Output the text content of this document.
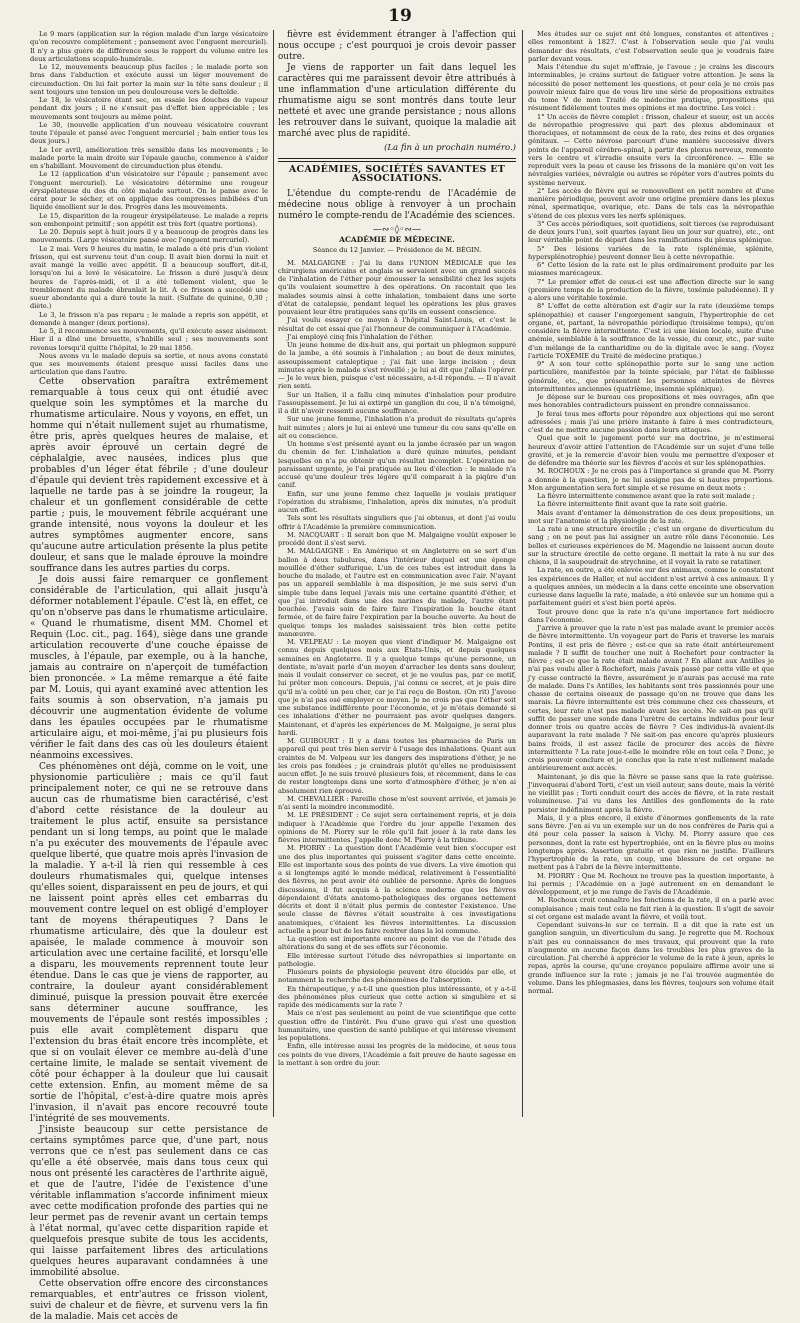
19

Le 9 mars (application sur la région malade d'un large vésicatoire qu'on recouvre complètement ; pansement avec l'onguent mercuriel). Il n'y a plus guère de différence sous le rapport du volume entre les deux articulations scapulo-humérale.

Le 12, mouvements beaucoup plus faciles ; le malade porte son bras dans l'abduction et exécute aussi un léger mouvement de circumduction. On lui fait porter la main sur la tête sans douleur ; il sent toujours une tension un peu douloureuse vers le deltoïde.

Le 18, le vésicatoire étant sec, on essaie les douches de vapeur pendant dix jours ; il ne s'ensuit pas d'effet bien appréciable ; les mouvements sont toujours au même point.

Le 30, (nouvelle application d'un nouveau vésicatoire couvrant toute l'épaule et pansé avec l'onguent mercuriel ; bain entier tous les deux jours.)

Le 1er avril, amélioration très sensible dans les mouvements ; le malade porte la main droite sur l'épaule gauche, commence à s'aider en s'habillant. Mouvement de circumduction plus étendu.

Le 12 (application d'un vésicatoire sur l'épaule ; pansement avec l'onguent mercuriel). Le vésicatoire détermine une rougeur érysipélateuse du dos du côté malade surtout. On le panse avec le cérat pour le sécher, et on applique des compresses imbibées d'un liquide émollient sur le dos. Progrès dans les mouvements.

Le 15, disparition de la rougeur érysipélateuse. Le malade a repris son embonpoint primitif ; son appétit est très fort (quatre portions).

Le 20. Depuis sept à huit jours il y a beaucoup de progrès dans les mouvements. (Large vésicatoire pansé avec l'onguent mercuriel).

Le 2 mai. Vers 9 heures du matin, le malade a été pris d'un violent frisson, qui est survenu tout d'un coup. Il avait bien dormi la nuit et avait mangé la veille avec appétit. Il a beaucoup souffert, dit-il, lorsqu'on lui a levé le vésicatoire. Le frisson a duré jusqu'à deux heures de l'après-midi, et il a été tellement violent, que le tremblement du malade ébranlait le lit. A ce frisson a succédé une sueur abondante qui a duré toute la nuit. (Sulfate de quinine, 0,30 ; diète.)

Le 3, le frisson n'a pas reparu ; le malade a repris son appétit, et demande à manger (deux portions).

Le 5, il recommence ses mouvements, qu'il exécute assez aisément. Hier il a dîné une brouette, s'habille seul ; ses mouvements sont revenus lorsqu'il quitte l'hôpital, le 29 mai 1856.

Nous avons vu le malade depuis sa sortie, et nous avons constaté que ses mouvements étaient presque aussi faciles dans une articulation que dans l'autre.

Cette observation paraîtra extrêmement remarquable à tous ceux qui ont étudié avec quelque soin les symptômes et la marche du rhumatisme articulaire. Nous y voyons, en effet, un homme qui n'était nullement sujet au rhumatisme, être pris, après quelques heures de malaise, et après avoir éprouvé un certain degré de céphalalgie, avec nausées, indices plus que probables d'un léger état fébrile ; d'une douleur d'épaule qui devient très rapidement excessive et à laquelle ne tarde pas à se joindre la rougeur, la chaleur et un gonflement considérable de cette partie ; puis, le mouvement fébrile acquérant une grande intensité, nous voyons la douleur et les autres symptômes augmenter encore, sans qu'aucune autre articulation présente la plus petite douleur, et sans que le malade éprouve la moindre souffrance dans les autres parties du corps.

Je dois aussi faire remarquer ce gonflement considérable de l'articulation, qui allait jusqu'à déformer notablement l'épaule. C'est là, en effet, ce qu'on n'observe pas dans le rhumatisme articulaire. « Quand le rhumatisme, disent MM. Chomel et Requin (Loc. cit., pag. 164), siège dans une grande articulation recouverte d'une couche épaisse de muscles, à l'épaule, par exemple, ou à la hanche, jamais au contraire on n'aperçoit de tuméfaction bien prononcée. » La même remarque a été faite par M. Louis, qui ayant examiné avec attention les faits soumis à son observation, n'a jamais pu découvrir une augmentation évidente de volume dans les épaules occupées par le rhumatisme articulaire aigu, et moi-même, j'ai pu plusieurs fois vérifier le fait dans des cas où les douleurs étaient néanmoins excessives.

Ces phénomènes ont déjà, comme on le voit, une physionomie particulière ; mais ce qu'il faut principalement noter, ce qui ne se retrouve dans aucun cas de rhumatisme bien caractérisé, c'est d'abord cette résistance de la douleur au traitement le plus actif, ensuite sa persistance pendant un si long temps, au point que le malade n'a pu exécuter des mouvements de l'épaule avec quelque liberté, que quatre mois après l'invasion de la maladie. Y a-t-il là rien qui ressemble à ces douleurs rhumatismales qui, quelque intenses qu'elles soient, disparaissent en peu de jours, et qui ne laissent point après elles cet embarras du mouvement contre lequel on est obligé d'employer tant de moyens thérapeutiques ? Dans le rhumatisme articulaire, dès que la douleur est apaisée, le malade commence à mouvoir son articulation avec une certaine facilité, et lorsqu'elle a disparu, les mouvements reprennent toute leur étendue. Dans le cas que je viens de rapporter, au contraire, la douleur ayant considérablement diminué, puisque la pression pouvait être exercée sans déterminer aucune souffrance, les mouvements de l'épaule sont restés impossibles ; puis elle avait complètement disparu que l'extension du bras était encore très incomplète, et que si on voulait élever ce membre au-delà d'une certaine limite, le malade se sentait vivement de côté pour échapper à la douleur que lui causait cette extension. Enfin, au moment même de sa sortie de l'hôpital, c'est-à-dire quatre mois après l'invasion, il n'avait pas encore recouvré toute l'intégrité de ses mouvements.

J'insiste beaucoup sur cette persistance de certains symptômes parce que, d'une part, nous verrons que ce n'est pas seulement dans ce cas qu'elle a été observée, mais dans tous ceux qui nous ont présenté les caractères de l'arthrite aiguë, et que de l'autre, l'idée de l'existence d'une véritable inflammation s'accorde infiniment mieux avec cette modification profonde des parties qui ne leur permet pas de revenir avant un certain temps à l'état normal, qu'avec cette disparition rapide et quelquefois presque subite de tous les accidents, qui laisse parfaitement libres des articulations quelques heures auparavant condamnées à une immobilité absolue.

Cette observation offre encore des circonstances remarquables, et entr'autres ce frisson violent, suivi de chaleur et de fièvre, et survenu vers la fin de la maladie. Mais cet accès de

fièvre est évidemment étranger à l'affection qui nous occupe ; c'est pourquoi je crois devoir passer outre.

Je viens de rapporter un fait dans lequel les caractères qui me paraissent devoir être attribués à une inflammation d'une articulation différente du rhumatisme aigu se sont montrés dans toute leur netteté et avec une grande persistance ; nous allons les retrouver dans le suivant, quoique la maladie ait marché avec plus de rapidité.

(La fin à un prochain numéro.)

ACADÉMIES, SOCIÉTÉS SAVANTES ET ASSOCIATIONS.

L'étendue du compte-rendu de l'Académie de médecine nous oblige à renvoyer à un prochain numéro le compte-rendu de l'Académie des sciences.

—∾◦◊◦∾—

ACADÉMIE DE MÉDECINE.

Séance du 12 Janvier. — Présidence de M. BÉGIN.

M. MALGAIGNE : J'ai lu dans l'UNION MÉDICALE que les chirurgiens américains et anglais se servaient avec un grand succès de l'inhalation de l'éther pour émousser la sensibilité chez les sujets qu'ils voulaient soumettre à des opérations. On racontait que les malades soumis ainsi à cette inhalation, tombaient dans une sorte d'état de catalepsie, pendant lequel les opérations les plus graves pouvaient leur être pratiquées sans qu'ils en eussent conscience.

J'ai voulu essayer ce moyen à l'hôpital Saint-Louis, et c'est le résultat de cet essai que j'ai l'honneur de communiquer à l'Académie.

J'ai employé cinq fois l'inhalation de l'éther.

Un jeune homme de dix-huit ans, qui portait un phlegmon suppuré de la jambe, a été soumis à l'inhalation ; au bout de deux minutes, assoupissement cataleptique ; j'ai fait une large incision ; deux minutes après le malade s'est réveillé ; je lui ai dit que j'allais l'opérer. — Je le veux bien, puisque c'est nécessaire, a-t-il répondu. — Il n'avait rien senti.

Sur un Italien, il a fallu cinq minutes d'inhalation pour produire l'assoupissement. Je lui ai extirpé un ganglion du cou, il n'a témoigné, il a dit n'avoir ressenti aucune souffrance.

Sur une jeune femme, l'inhalation n'a produit de résultats qu'après huit minutes ; alors je lui ai enlevé une tumeur du cou sans qu'elle en ait eu conscience.

Un homme s'est présenté ayant eu la jambe écrasée par un wagon du chemin de fer. L'inhalation a duré quinze minutes, pendant lesquelles on n'a pu obtenir qu'un résultat incomplet. L'opération ne paraissant urgente, je l'ai pratiquée au lieu d'élection : le malade n'a accusé qu'une douleur très légère qu'il comparait à la piqûre d'un canif.

Enfin, sur une jeune femme chez laquelle je voulais pratiquer l'opération du strabisme, l'inhalation, après dix minutes, n'a produit aucun effet.

Tels sont les résultats singuliers que j'ai obtenus, et dont j'ai voulu offrir à l'Académie la première communication.

M. NACQUART : Il serait bon que M. Malgaigne voulût exposer le procédé dont il s'est servi.

M. MALGAIGNE : En Amérique et en Angleterre on se sert d'un ballon à deux tubulures, dans l'intérieur duquel est une éponge mouillée d'éther sulfurique. L'un de ces tubes est introduit dans la bouche du malade, et l'autre est en communication avec l'air. N'ayant pas un appareil semblable à ma disposition, je me suis servi d'un simple tube dans lequel j'avais mis une certaine quantité d'éther, et que j'ai introduit dans une des narines du malade, l'autre étant bouchée. J'avais soin de faire faire l'inspiration la bouche étant fermée, et de faire faire l'expiration par la bouche ouverte. Au bout de quelque temps les malades saisissaient très bien cette petite manœuvre.

M. VELPEAU : Le moyen que vient d'indiquer M. Malgaigne est connu depuis quelques mois aux États-Unis, et depuis quelques semaines en Angleterre. Il y a quelque temps qu'une personne, un dentiste, m'avait parlé d'un moyen d'arracher les dents sans douleur, mais il voulait conserver ce secret, et je ne voulus pas, par ce motif, lui prêter mon concours. Depuis, j'ai connu ce secret, et je puis dire qu'il m'a coûté un peu cher, car je l'ai reçu de Boston. (On rit) J'avoue que je n'ai pas osé employer ce moyen. Je ne crois pas que l'éther soit une substance indifférente pour l'économie, et je m'étais demandé si ces inhalations d'éther ne pourraient pas avoir quelques dangers. Maintenant, et d'après les expériences de M. Malgaigne, je serai plus hardi.

M. GUIBOURT : Il y a dans toutes les pharmacies de Paris un appareil qui peut très bien servir à l'usage des inhalations. Quant aux craintes de M. Velpeau sur les dangers des inspirations d'éther, je ne les crois pas fondées ; je craindrais plutôt qu'elles ne produisissent aucun effet. Je ne suis trouvé plusieurs fois, et récemment, dans le cas de rester longtemps dans une sorte d'atmosphère d'éther, je n'en ai absolument rien éprouvé.

M. CHEVALLIER : Pareille chose m'est souvent arrivée, et jamais je n'ai senti la moindre incommodité.

M. LE PRÉSIDENT : Ce sujet sera certainement repris, et je dois indiquer à l'Académie que l'ordre du jour appelle l'examen des opinions de M. Piorry sur le rôle qu'il fait jouer à la rate dans les fièvres intermittentes. J'appelle donc M. Piorry à la tribune.

M. PIORRY : La question dont l'Académie veut bien s'occuper est une des plus importantes qui puissent s'agiter dans cette enceinte. Elle est importante sous des points de vue divers. La vive émotion qui a si longtemps agité le monde médical, relativement à l'essentialité des fièvres, ne peut avoir été oubliée de personne. Après de longues discussions, il fut acquis à la science moderne que les fièvres dépendaient d'états anatomo-pathologiques des organes nettement décrits et dont il n'était plus permis de contester l'existence. Une seule classe de fièvres s'était soustraite à ces investigations anatomiques, c'étaient les fièvres intermittentes. La discussion actuelle a pour but de les faire rentrer dans la loi commune.

La question est importante encore au point de vue de l'étude des altérations du sang et de ses effets sur l'économie.

Elle intéresse surtout l'étude des névropathies si importante en pathologie.

Plusieurs points de physiologie peuvent être élucidés par elle, et notamment la recherche des phénomènes de l'absorption.

En thérapeutique, y a-t-il une question plus intéressante, et y a-t-il des phénomènes plus curieux que cette action si singulière et si rapide des médicaments sur la rate ?

Mais ce n'est pas seulement au point de vue scientifique que cette question offre de l'intérêt. Peu d'une grave qui s'est une question humanitaire, une question de santé publique et qui intéresse vivement les populations.

Enfin, elle intéresse aussi les progrès de la médecine, et sous tous ces points de vue divers, l'Académie a fait preuve de haute sagesse en la mettant à son ordre du jour.

Mes études sur ce sujet ont été longues, constantes et attentives ; elles remontent à 1827. C'est à l'observation seule que j'ai voulu demander des résultats, c'est l'observation seule que je voudrais faire parler devant vous.

Mais l'étendue du sujet m'effraie, je l'avoue ; je crains les discours interminables, je crains surtout de fatiguer votre attention. Je sens la nécessité de poser nettement les questions, et pour cela je ne crois pas pouvoir mieux faire que de vous lire une série de propositions extraites du tome V de mon Traité de médecine pratique, propositions qui résument fidèlement toutes mes opinions et ma doctrine. Les voici :

1° Un accès de fièvre complet : frisson, chaleur et sueur, est un accès de névropathie progressive qui part des plexus abdominaux et thoraciques, et notamment de ceux de la rate, des reins et des organes génitaux. — Cette névrose parcourt d'une manière successive divers points de l'appareil cérébro-spinal, à partir des plexus nerveux, remonte vers le centre et s'irradie ensuite vers la circonférence. — Elle se reproduit vers la peau et cause les frissons de la manière qu'on voit les névralgies variées, névralgie ou autres se répéter vers d'autres points du système nerveux.

2° Les accès de fièvre qui se renouvellent en petit nombre et d'une manière périodique, peuvent avoir une origine première dans les plexus rénal, spermatique, ovarique, etc. Dans de tels cas la névropathie s'étend de ces plexus vers les nerfs spléniques.

3° Ces accès périodiques, soit quotidiens, soit tierces (se reproduisant de deux jours l'un), soit quartes (ayant lieu un jour sur quatre), etc., ont leur véritable point de départ dans les ramifications du plexus splénique.

5° Des lésions variées de la rate (splénémie, splénite, hypersplénotrophie) peuvent donner lieu à cette névropathie.

6° Cette lésion de la rate est le plus ordinairement produite par les miasmes marécageux.

7° Le premier effet de ceux-ci est une affection directe sur le sang (première temps de la production de la fièvre, toxémie paludéenne). Il y a alors une véritable toxémie.

8° L'effet de cette altération est d'agir sur la rate (deuxième temps splénopathie) et causer l'engorgement sanguin, l'hypertrophie de cet organe, et, partant, la névropathie périodique (troisième temps), qu'on considère la fièvre intermittente. C'est ici une lésion locale, suite d'une anémie, semblable à la souffrance de la vessie, du cœur, etc., par suite d'un mélange de la cantharidine ou de la digitale avec le sang. (Voyez l'article TOXÉMIE du Traité de médecine pratique.)

9° A son tour cette splénopathie porte sur le sang une action particulière, manifestée par la teinte spéciale, par l'état de faiblesse générale, etc., que présentent les personnes atteintes de fièvres intermittentes anciennes (quatrième, insomnie splénique).

Je dépose sur le bureau ces propositions et mes ouvrages, afin que mes honorables contradicteurs puissent en prendre connaissance.

Je ferai tous mes efforts pour répondre aux objections qui me seront adressées ; mais j'ai une prière instante à faire à mes contradicteurs, c'est de ne mettre aucune passion dans leurs attaques.

Quel que soit le jugement porté sur ma doctrine, je m'estimerai heureux d'avoir attiré l'attention de l'Académie sur un sujet d'une telle gravité, et je la remercie d'avoir bien voulu me permettre d'exposer et de défendre ma théorie sur les fièvres d'accès et sur les splénopathies.

M. ROCHOUX : Je ne crois pas à l'importance si grande que M. Piorry a donnée à la question, je ne lui assigne pas de si hautes proportions. Mon argumentation sera fort simple et se résume en deux mots :

La fièvre intermittente commence avant que la rate soit malade ;

La fièvre intermittente finit avant que la rate soit guérie.

Mais avant d'entamer la démonstration de ces deux propositions, un mot sur l'anatomie et la physiologie de la rate.

La rate a une structure érectile ; c'est un organe de diverticulum du sang ; on ne peut pas lui assigner un autre rôle dans l'économie. Les belles et curieuses expériences de M. Magendie ne laissent aucun doute sur la structure érectile de cette organe. Il mettait la rate à nu sur des chiens, il la saupoudrait de strychnine, et il voyait la rate se ratatiner.

La rate, en outre, a été enlevée sur des animaux, comme le constatent les expériences de Haller, et nul accident n'est arrivé à ces animaux. Il y a quelques années, un médecin a la dans cette enceinte une observation curieuse dans laquelle la rate, malade, a été enlevée sur un homme qui a parfaitement guéri et s'est bien porté après.

Tout prouve donc que la rate n'a qu'une importance fort médiocre dans l'économie.

J'arrive à prouver que la rate n'est pas malade avant le premier accès de fièvre intermittente. Un voyageur part de Paris et traverse les marais Pontins, il est pris de fièvre ; est-ce que sa rate était antérieurement malade ? Il suffit de toucher une nuit à Rochefort pour contracter la fièvre ; est-ce que la rate était malade avant ? En allant aux Antilles je n'ai pas voulu aller à Rochefort, mais j'avais passé par cette ville et que j'y cusse contracté la fièvre, assurément je n'aurais pas accusé ma rate de malade. Dans l's Antilles, les habitants sont très passionnés pour une chasse de certains oiseaux de passage qu'on ne trouve que dans les marais. La fièvre intermittente est très commune chez ces chasseurs, et certes, leur rate n'est pas malade avant les accès. Ne sait-on pas qu'il suffit de passer une sonde dans l'urètre de certains individus pour leur donner trois ou quatre accès de fièvre ? Ces individus-là avaient-ils auparavant la rate malade ? Ne sait-on pas encore qu'après plusieurs bains froids, il est assez facile de procurer des accès de fièvre intermittente ? La rate joue-t-elle le moindre rôle en tout cela ? Donc, je crois pouvoir conclure et je conclus que la rate n'est nullement malade antérieurement aux accès.

Maintenant, je dis que la fièvre se passe sans que la rate guérisse. J'invoquerai d'abord Torti, c'est un vieil auteur, sans doute, mais la vérité ne vieillit pas ; Torti conduit court des accès de fièvre, et la rate restait volumineuse. J'ai vu dans les Antilles des gonflements de la rate persister indéfiniment après la fièvre.

Mais, il y a plus encore, il existe d'énormes gonflements de la rate sans fièvre. J'en ai vu un exemple sur un de nos confrères de Paris qui a été pour cela passer la saison à Vichy. M. Piorry assure que ces personnes, dont la rate est hypertrophiée, ont en la fièvre plus ou moins longtemps après. Assertion gratuite et que rien ne justifie. D'ailleurs l'hypertrophie de la rate, un coup, une blessure de cet organe ne mettent pas à l'abri de la fièvre intermittente.

M. PIORRY : Que M. Rochoux ne trouve pas la question importante, à lui permis ; l'Académie en a jugé autrement en en demandant le développement, et je me range de l'avis de l'Académie.

M. Rochoux croit connaître les fonctions de la rate, il en a parlé avec complaisance ; mais tout cela ne fait rien à la question. Il s'agit de savoir si cet organe est malade avant la fièvre, et voilà tout.

Cependant suivons-le sur ce terrain. Il a dit que la rate est un ganglion sanguin, un diverticulum du sang. Je regrette que M. Rochoux n'ait pas eu connaissance de mes travaux, qui prouvent que la rate n'augmente en aucune façon dans les troubles les plus graves de la circulation. J'ai cherché à apprécier le volume de la rate à jeun, après le repas, après la course, qu'une croyance populaire affirme avoir une si grande influence sur la rate ; jamais je ne l'ai trouvée augmentée de volume. Dans les phlegmasies, dans les fièvres, toujours son volume était normal.
